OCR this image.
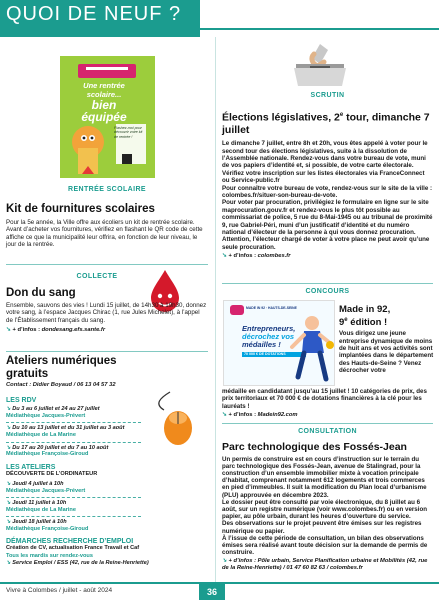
QUOI DE NEUF ?
Une rentrée
scolaire...
bien
équipée
Flashez-moi pour découvrir votre kit de rentrée !
RENTRÉE SCOLAIRE
Kit de fournitures scolaires
Pour la 5e année, la Ville offre aux écoliers un kit de rentrée scolaire. Avant d’acheter vos fournitures, vérifiez en flashant le QR code de cette affiche ce que la municipalité leur offrira, en fonction de leur niveau, le jour de la rentrée.
COLLECTE
Don du sang
Ensemble, sauvons des vies ! Lundi 15 juillet, de 14h30 à 19h30, donnez votre sang, à l’espace Jacques Chirac (1, rue Jules Michelet), à l’appel de l’Établissement français du sang.
➘ + d’infos : dondesang.efs.sante.fr
Ateliers numériques gratuits
Contact : Didier Boyaud / 06 13 04 57 32
LES RDV
➘ Du 3 au 6 juillet et 24 au 27 juillet
Médiathèque Jacques-Prévert
➘ Du 10 au 13 juillet et du 31 juillet au 3 août
Médiathèque de La Marine
➘ Du 17 au 20 juillet et du 7 au 10 août
Médiathèque Françoise-Giroud
LES ATELIERS
DÉCOUVERTE DE L’ORDINATEUR
➘ Jeudi 4 juillet à 10h
Médiathèque Jacques-Prévert
➘ Jeudi 11 juillet à 10h
Médiathèque de La Marine
➘ Jeudi 18 juillet à 10h
Médiathèque Françoise-Giroud
DÉMARCHES RECHERCHE D’EMPLOI
Création de CV, actualisation France Travail et Caf
Tous les mardis sur rendez-vous
➘ Service Emploi / ESS (42, rue de la Reine-Henriette)
SCRUTIN
Élections législatives, 2e tour, dimanche 7 juillet
Le dimanche 7 juillet, entre 8h et 20h, vous êtes appelé à voter pour le second tour des élections législatives, suite à la dissolution de l’Assemblée nationale. Rendez-vous dans votre bureau de vote, muni de vos papiers d’identité et, si possible, de votre carte électorale. Vérifiez votre inscription sur les listes électorales via FranceConnect ou Service-public.fr
Pour connaître votre bureau de vote, rendez-vous sur le site de la ville : colombes.fr/situer-son-bureau-de-vote.
Pour voter par procuration, privilégiez le formulaire en ligne sur le site maprocuration.gouv.fr et rendez-vous le plus tôt possible au commissariat de police, 5 rue du 8-Mai-1945 ou au tribunal de proximité 9, rue Gabriel-Péri, muni d’un justificatif d’identité et du numéro national d’électeur de la personne à qui vous donnez procuration. Attention, l’électeur chargé de voter à votre place ne peut avoir qu’une seule procuration.
➘ + d’infos : colombes.fr
CONCOURS
MADE IN 92 · HAUTS-DE-SEINE
Entrepreneurs,
décrochez vos
médailles !
70 000 € DE DOTATIONS
Made in 92,
9e édition !
Vous dirigez une jeune entreprise dynamique de moins de huit ans et vos activités sont implantées dans le département des Hauts-de-Seine ? Venez décrocher votre
médaille en candidatant jusqu’au 15 juillet ! 10 catégories de prix, des prix territoriaux et 70 000 € de dotations financières à la clé pour les lauréats !
➘ + d’infos : Madein92.com
CONSULTATION
Parc technologique des Fossés-Jean
Un permis de construire est en cours d’instruction sur le terrain du parc technologique des Fossés-Jean, avenue de Stalingrad, pour la construction d’un ensemble immobilier mixte à vocation principale d’habitat, comprenant notamment 612 logements et trois commerces en pied d’immeubles. Il suit la modification du Plan local d’urbanisme (PLU) approuvée en décembre 2023.
Le dossier peut être consulté par voie électronique, du 8 juillet au 6 août, sur un registre numérique (voir www.colombes.fr) ou en version papier, au pôle urbain, durant les heures d’ouverture du service.
Des observations sur le projet peuvent être émises sur les registres numérique ou papier.
À l’issue de cette période de consultation, un bilan des observations émises sera réalisé avant toute décision sur la demande de permis de construire.
➘ + d’infos : Pôle urbain, Service Planification urbaine et Mobilités (42, rue de la Reine-Henriette) / 01 47 60 82 63 / colombes.fr
Vivre à Colombes / juillet - août 2024	36
